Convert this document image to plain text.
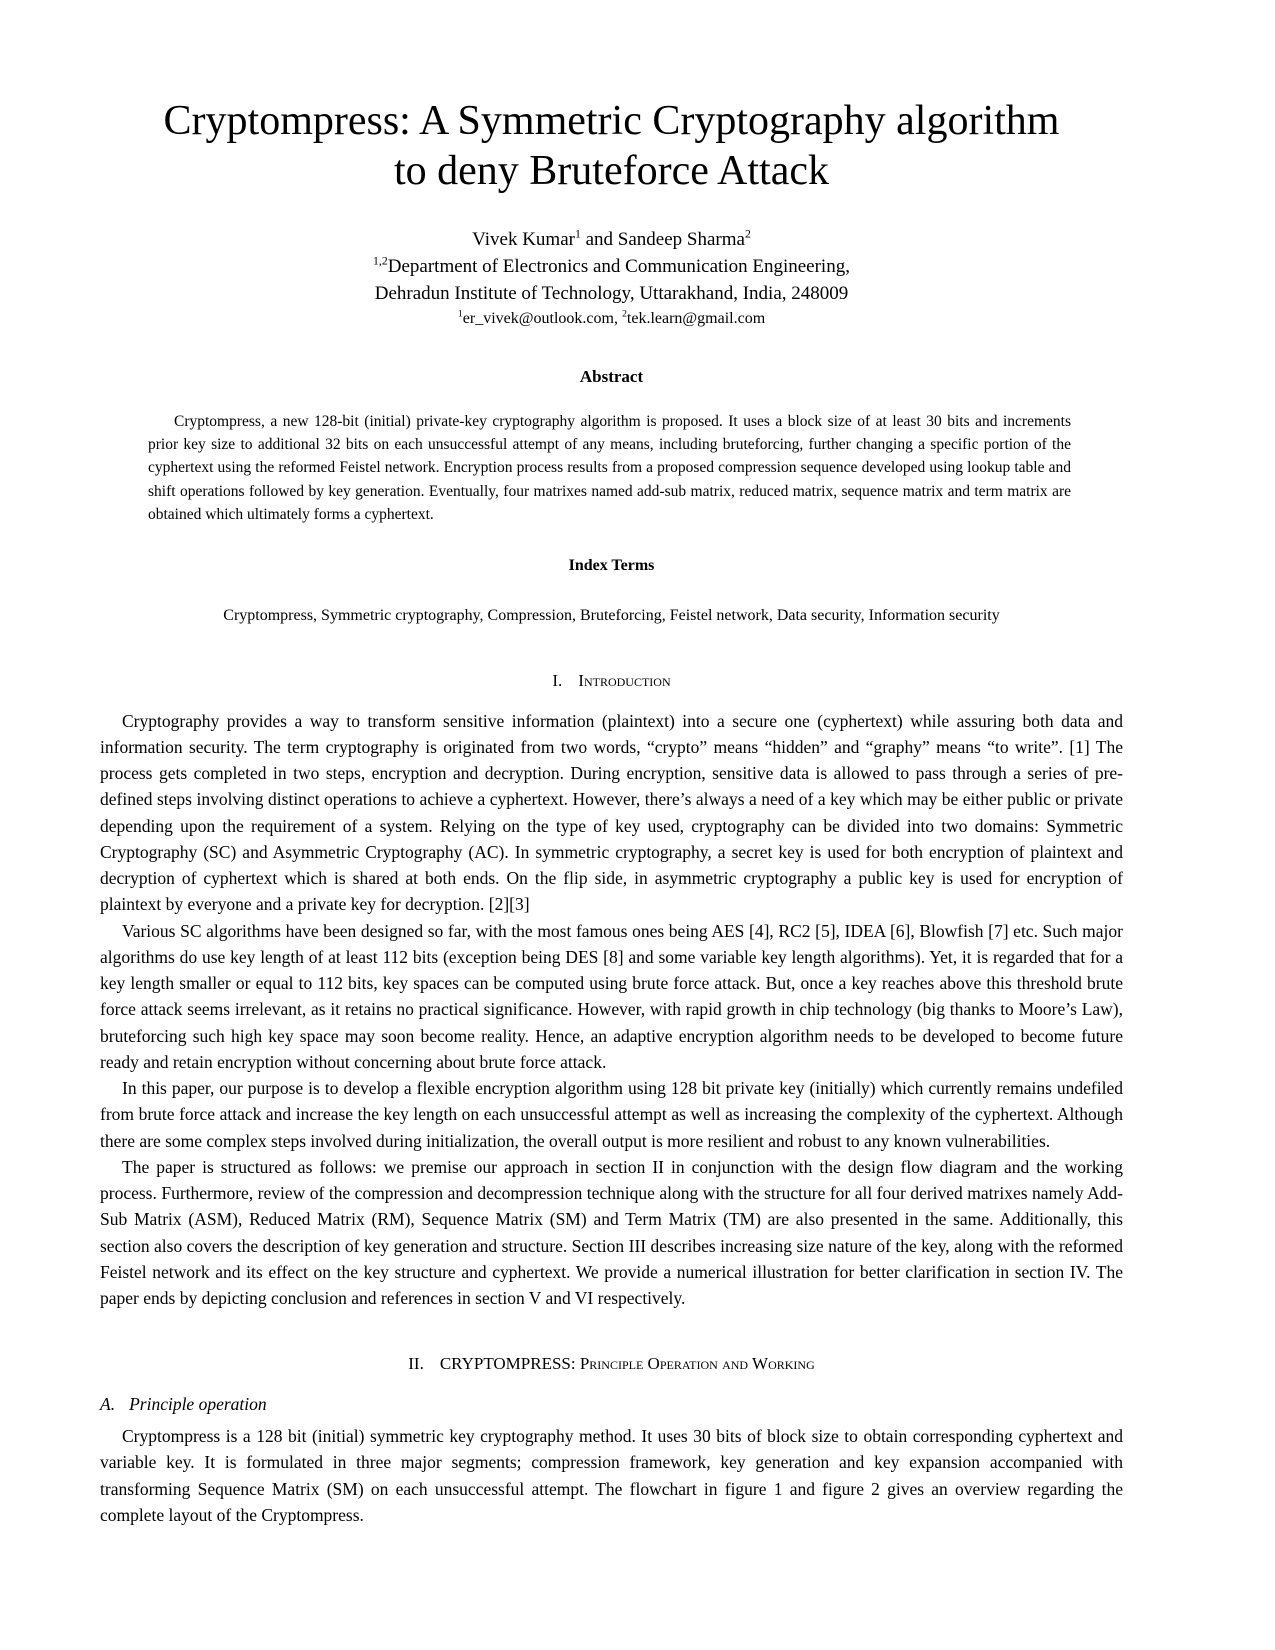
Cryptompress: A Symmetric Cryptography algorithm
to deny Bruteforce Attack
Vivek Kumar$^1$ and Sandeep Sharma$^2$
$^{1,2}$Department of Electronics and Communication Engineering,
Dehradun Institute of Technology, Uttarakhand, India, 248009
$^1$er_vivek@outlook.com, $^2$tek.learn@gmail.com
Abstract

Cryptompress, a new 128-bit (initial) private-key cryptography algorithm is proposed. It uses a block size of at least 30 bits and increments prior key size to additional 32 bits on each unsuccessful attempt of any means, including bruteforcing, further changing a specific portion of the cyphertext using the reformed Feistel network. Encryption process results from a proposed compression sequence developed using lookup table and shift operations followed by key generation. Eventually, four matrixes named add-sub matrix, reduced matrix, sequence matrix and term matrix are obtained which ultimately forms a cyphertext.

Index Terms

Cryptompress, Symmetric cryptography, Compression, Bruteforcing, Feistel network, Data security, Information security

I. Introduction

Cryptography provides a way to transform sensitive information (plaintext) into a secure one (cyphertext) while assuring both data and information security. The term cryptography is originated from two words, “crypto” means “hidden” and “graphy” means “to write”. [1] The process gets completed in two steps, encryption and decryption. During encryption, sensitive data is allowed to pass through a series of pre-defined steps involving distinct operations to achieve a cyphertext. However, there’s always a need of a key which may be either public or private depending upon the requirement of a system. Relying on the type of key used, cryptography can be divided into two domains: Symmetric Cryptography (SC) and Asymmetric Cryptography (AC). In symmetric cryptography, a secret key is used for both encryption of plaintext and decryption of cyphertext which is shared at both ends. On the flip side, in asymmetric cryptography a public key is used for encryption of plaintext by everyone and a private key for decryption. [2][3]

Various SC algorithms have been designed so far, with the most famous ones being AES [4], RC2 [5], IDEA [6], Blowfish [7] etc. Such major algorithms do use key length of at least 112 bits (exception being DES [8] and some variable key length algorithms). Yet, it is regarded that for a key length smaller or equal to 112 bits, key spaces can be computed using brute force attack. But, once a key reaches above this threshold brute force attack seems irrelevant, as it retains no practical significance. However, with rapid growth in chip technology (big thanks to Moore’s Law), bruteforcing such high key space may soon become reality. Hence, an adaptive encryption algorithm needs to be developed to become future ready and retain encryption without concerning about brute force attack.

In this paper, our purpose is to develop a flexible encryption algorithm using 128 bit private key (initially) which currently remains undefiled from brute force attack and increase the key length on each unsuccessful attempt as well as increasing the complexity of the cyphertext. Although there are some complex steps involved during initialization, the overall output is more resilient and robust to any known vulnerabilities.

The paper is structured as follows: we premise our approach in section II in conjunction with the design flow diagram and the working process. Furthermore, review of the compression and decompression technique along with the structure for all four derived matrixes namely Add-Sub Matrix (ASM), Reduced Matrix (RM), Sequence Matrix (SM) and Term Matrix (TM) are also presented in the same. Additionally, this section also covers the description of key generation and structure. Section III describes increasing size nature of the key, along with the reformed Feistel network and its effect on the key structure and cyphertext. We provide a numerical illustration for better clarification in section IV. The paper ends by depicting conclusion and references in section V and VI respectively.

II. CRYPTOMPRESS: Principle Operation and Working
A. Principle operation

Cryptompress is a 128 bit (initial) symmetric key cryptography method. It uses 30 bits of block size to obtain corresponding cyphertext and variable key. It is formulated in three major segments; compression framework, key generation and key expansion accompanied with transforming Sequence Matrix (SM) on each unsuccessful attempt. The flowchart in figure 1 and figure 2 gives an overview regarding the complete layout of the Cryptompress.
